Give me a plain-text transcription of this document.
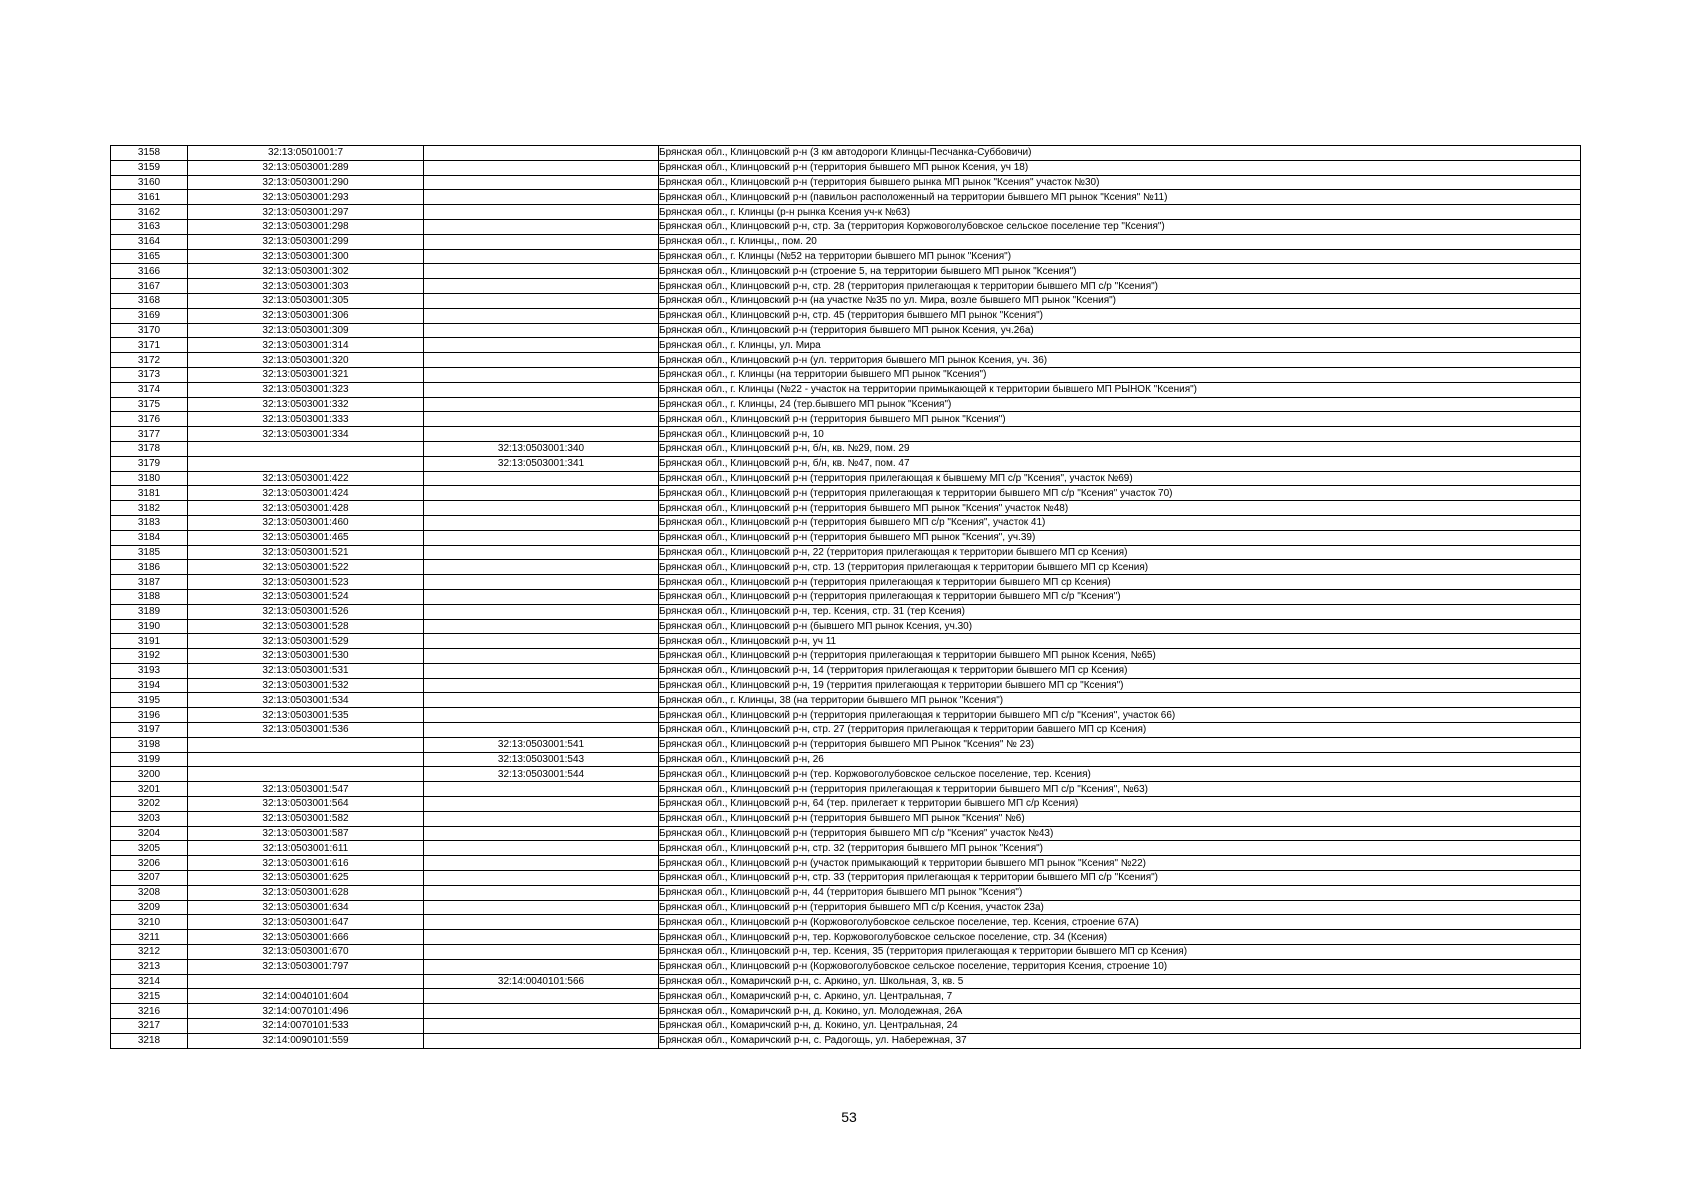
3158	32:13:0501001:7		Брянская обл., Клинцовский р-н (3 км автодороги Клинцы-Песчанка-Суббовичи)
3159	32:13:0503001:289		Брянская обл., Клинцовский р-н (территория бывшего МП рынок Ксения, уч 18)
3160	32:13:0503001:290		Брянская обл., Клинцовский р-н (территория бывшего рынка МП рынок "Ксения" участок №30)
3161	32:13:0503001:293		Брянская обл., Клинцовский р-н (павильон расположенный на территории бывшего МП рынок "Ксения" №11)
3162	32:13:0503001:297		Брянская обл., г. Клинцы (р-н рынка Ксения уч-к №63)
3163	32:13:0503001:298		Брянская обл., Клинцовский р-н, стр. 3а (территория Коржовоголубовское сельское поселение тер "Ксения")
3164	32:13:0503001:299		Брянская обл., г. Клинцы,, пом. 20
3165	32:13:0503001:300		Брянская обл., г. Клинцы (№52 на территории бывшего МП рынок "Ксения")
3166	32:13:0503001:302		Брянская обл., Клинцовский р-н (строение 5, на территории бывшего МП рынок "Ксения")
3167	32:13:0503001:303		Брянская обл., Клинцовский р-н, стр. 28 (территория прилегающая к территории бывшего МП с/р "Ксения")
3168	32:13:0503001:305		Брянская обл., Клинцовский р-н (на участке №35 по ул. Мира, возле бывшего МП рынок "Ксения")
3169	32:13:0503001:306		Брянская обл., Клинцовский р-н, стр. 45 (территория бывшего МП рынок "Ксения")
3170	32:13:0503001:309		Брянская обл., Клинцовский р-н (территория бывшего МП рынок Ксения, уч.26а)
3171	32:13:0503001:314		Брянская обл., г. Клинцы, ул. Мира
3172	32:13:0503001:320		Брянская обл., Клинцовский р-н (ул. территория бывшего МП рынок Ксения, уч. 36)
3173	32:13:0503001:321		Брянская обл., г. Клинцы (на территории бывшего МП рынок "Ксения")
3174	32:13:0503001:323		Брянская обл., г. Клинцы (№22 - участок на территории примыкающей к территории бывшего МП РЫНОК "Ксения")
3175	32:13:0503001:332		Брянская обл., г. Клинцы, 24 (тер.бывшего МП рынок "Ксения")
3176	32:13:0503001:333		Брянская обл., Клинцовский р-н (территория бывшего МП рынок "Ксения")
3177	32:13:0503001:334		Брянская обл., Клинцовский р-н, 10
3178		32:13:0503001:340	Брянская обл., Клинцовский р-н, б/н, кв. №29, пом. 29
3179		32:13:0503001:341	Брянская обл., Клинцовский р-н, б/н, кв. №47, пом. 47
3180	32:13:0503001:422		Брянская обл., Клинцовский р-н (территория прилегающая к бывшему МП с/р "Ксения", участок №69)
3181	32:13:0503001:424		Брянская обл., Клинцовский р-н (территория прилегающая к территории бывшего МП с/р "Ксения" участок 70)
3182	32:13:0503001:428		Брянская обл., Клинцовский р-н (территория бывшего МП рынок "Ксения" участок №48)
3183	32:13:0503001:460		Брянская обл., Клинцовский р-н (территория бывшего МП с/р "Ксения", участок 41)
3184	32:13:0503001:465		Брянская обл., Клинцовский р-н (территория бывшего МП рынок "Ксения", уч.39)
3185	32:13:0503001:521		Брянская обл., Клинцовский р-н, 22 (территория прилегающая к территории бывшего МП ср Ксения)
3186	32:13:0503001:522		Брянская обл., Клинцовский р-н, стр. 13 (территория прилегающая к территории бывшего МП ср Ксения)
3187	32:13:0503001:523		Брянская обл., Клинцовский р-н (территория прилегающая к территории бывшего МП ср Ксения)
3188	32:13:0503001:524		Брянская обл., Клинцовский р-н (территория прилегающая к территории бывшего МП с/р "Ксения")
3189	32:13:0503001:526		Брянская обл., Клинцовский р-н, тер. Ксения, стр. 31 (тер Ксения)
3190	32:13:0503001:528		Брянская обл., Клинцовский р-н (бывшего МП рынок Ксения, уч.30)
3191	32:13:0503001:529		Брянская обл., Клинцовский р-н, уч 11
3192	32:13:0503001:530		Брянская обл., Клинцовский р-н (территория прилегающая к территории бывшего МП рынок Ксения, №65)
3193	32:13:0503001:531		Брянская обл., Клинцовский р-н, 14 (территория прилегающая к территории бывшего МП ср Ксения)
3194	32:13:0503001:532		Брянская обл., Клинцовский р-н, 19 (террития прилегающая к территории бывшего МП ср "Ксения")
3195	32:13:0503001:534		Брянская обл., г. Клинцы, 38 (на территории бывшего МП рынок "Ксения")
3196	32:13:0503001:535		Брянская обл., Клинцовский р-н (территория прилегающая к территории бывшего МП с/р "Ксения", участок 66)
3197	32:13:0503001:536		Брянская обл., Клинцовский р-н, стр. 27 (территория прилегающая к территории бавшего МП ср Ксения)
3198		32:13:0503001:541	Брянская обл., Клинцовский р-н (территория бывшего МП Рынок "Ксения" № 23)
3199		32:13:0503001:543	Брянская обл., Клинцовский р-н, 26
3200		32:13:0503001:544	Брянская обл., Клинцовский р-н (тер. Коржовоголубовское сельское поселение, тер. Ксения)
3201	32:13:0503001:547		Брянская обл., Клинцовский р-н (территория прилегающая к территории бывшего МП с/р "Ксения", №63)
3202	32:13:0503001:564		Брянская обл., Клинцовский р-н, 64 (тер. прилегает к территории бывшего МП с/р Ксения)
3203	32:13:0503001:582		Брянская обл., Клинцовский р-н (территория бывшего МП рынок "Ксения" №6)
3204	32:13:0503001:587		Брянская обл., Клинцовский р-н (территория бывшего МП с/р "Ксения" участок №43)
3205	32:13:0503001:611		Брянская обл., Клинцовский р-н, стр. 32 (территория бывшего МП рынок "Ксения")
3206	32:13:0503001:616		Брянская обл., Клинцовский р-н (участок примыкающий к территории бывшего МП рынок "Ксения" №22)
3207	32:13:0503001:625		Брянская обл., Клинцовский р-н, стр. 33 (территория прилегающая к территории бывшего МП с/р "Ксения")
3208	32:13:0503001:628		Брянская обл., Клинцовский р-н, 44 (территория бывшего МП рынок "Ксения")
3209	32:13:0503001:634		Брянская обл., Клинцовский р-н (территория бывшего МП с/р Ксения, участок 23а)
3210	32:13:0503001:647		Брянская обл., Клинцовский р-н (Коржовоголубовское сельское поселение, тер. Ксения, строение 67А)
3211	32:13:0503001:666		Брянская обл., Клинцовский р-н, тер. Коржовоголубовское сельское поселение, стр. 34 (Ксения)
3212	32:13:0503001:670		Брянская обл., Клинцовский р-н, тер. Ксения, 35 (территория прилегающая к территории бывшего МП ср Ксения)
3213	32:13:0503001:797		Брянская обл., Клинцовский р-н (Коржовоголубовское сельское поселение, территория Ксения, строение 10)
3214		32:14:0040101:566	Брянская обл., Комаричский р-н, с. Аркино, ул. Школьная, 3, кв. 5
3215	32:14:0040101:604		Брянская обл., Комаричский р-н, с. Аркино, ул. Центральная, 7
3216	32:14:0070101:496		Брянская обл., Комаричский р-н, д. Кокино, ул. Молодежная, 26А
3217	32:14:0070101:533		Брянская обл., Комаричский р-н, д. Кокино, ул. Центральная, 24
3218	32:14:0090101:559		Брянская обл., Комаричский р-н, с. Радогощь, ул. Набережная, 37
53
